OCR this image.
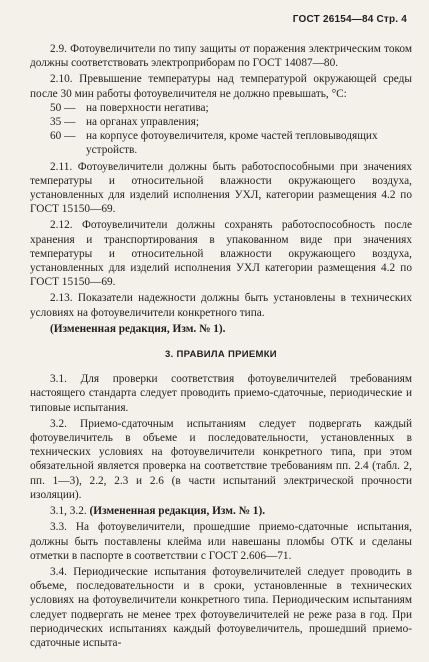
ГОСТ 26154—84 Стр. 4

2.9. Фотоувеличители по типу защиты от поражения электрическим током должны соответствовать электроприборам по ГОСТ 14087—80.

2.10. Превышение температуры над температурой окружающей среды после 30 мин работы фотоувеличителя не должно превышать, °С:

50 — на поверхности негатива;
35 — на органах управления;
60 — на корпусе фотоувеличителя, кроме частей тепловыводящих устройств.

2.11. Фотоувеличители должны быть работоспособными при значениях температуры и относительной влажности окружающего воздуха, установленных для изделий исполнения УХЛ, категории размещения 4.2 по ГОСТ 15150—69.

2.12. Фотоувеличители должны сохранять работоспособность после хранения и транспортирования в упакованном виде при значениях температуры и относительной влажности окружающего воздуха, установленных для изделий исполнения УХЛ категории размещения 4.2 по ГОСТ 15150—69.

2.13. Показатели надежности должны быть установлены в технических условиях на фотоувеличители конкретного типа.

(Измененная редакция, Изм. № 1).

3. ПРАВИЛА ПРИЕМКИ

3.1. Для проверки соответствия фотоувеличителей требованиям настоящего стандарта следует проводить приемо-сдаточные, периодические и типовые испытания.

3.2. Приемо-сдаточным испытаниям следует подвергать каждый фотоувеличитель в объеме и последовательности, установленных в технических условиях на фотоувеличители конкретного типа, при этом обязательной является проверка на соответствие требованиям пп. 2.4 (табл. 2, пп. 1—3), 2.2, 2.3 и 2.6 (в части испытаний электрической прочности изоляции).

3.1, 3.2. (Измененная редакция, Изм. № 1).

3.3. На фотоувеличители, прошедшие приемо-сдаточные испытания, должны быть поставлены клейма или навешаны пломбы ОТК и сделаны отметки в паспорте в соответствии с ГОСТ 2.606—71.

3.4. Периодические испытания фотоувеличителей следует проводить в объеме, последовательности и в сроки, установленные в технических условиях на фотоувеличители конкретного типа. Периодическим испытаниям следует подвергать не менее трех фотоувеличителей не реже раза в год. При периодических испытаниях каждый фотоувеличитель, прошедший приемо-сдаточные испыта-
